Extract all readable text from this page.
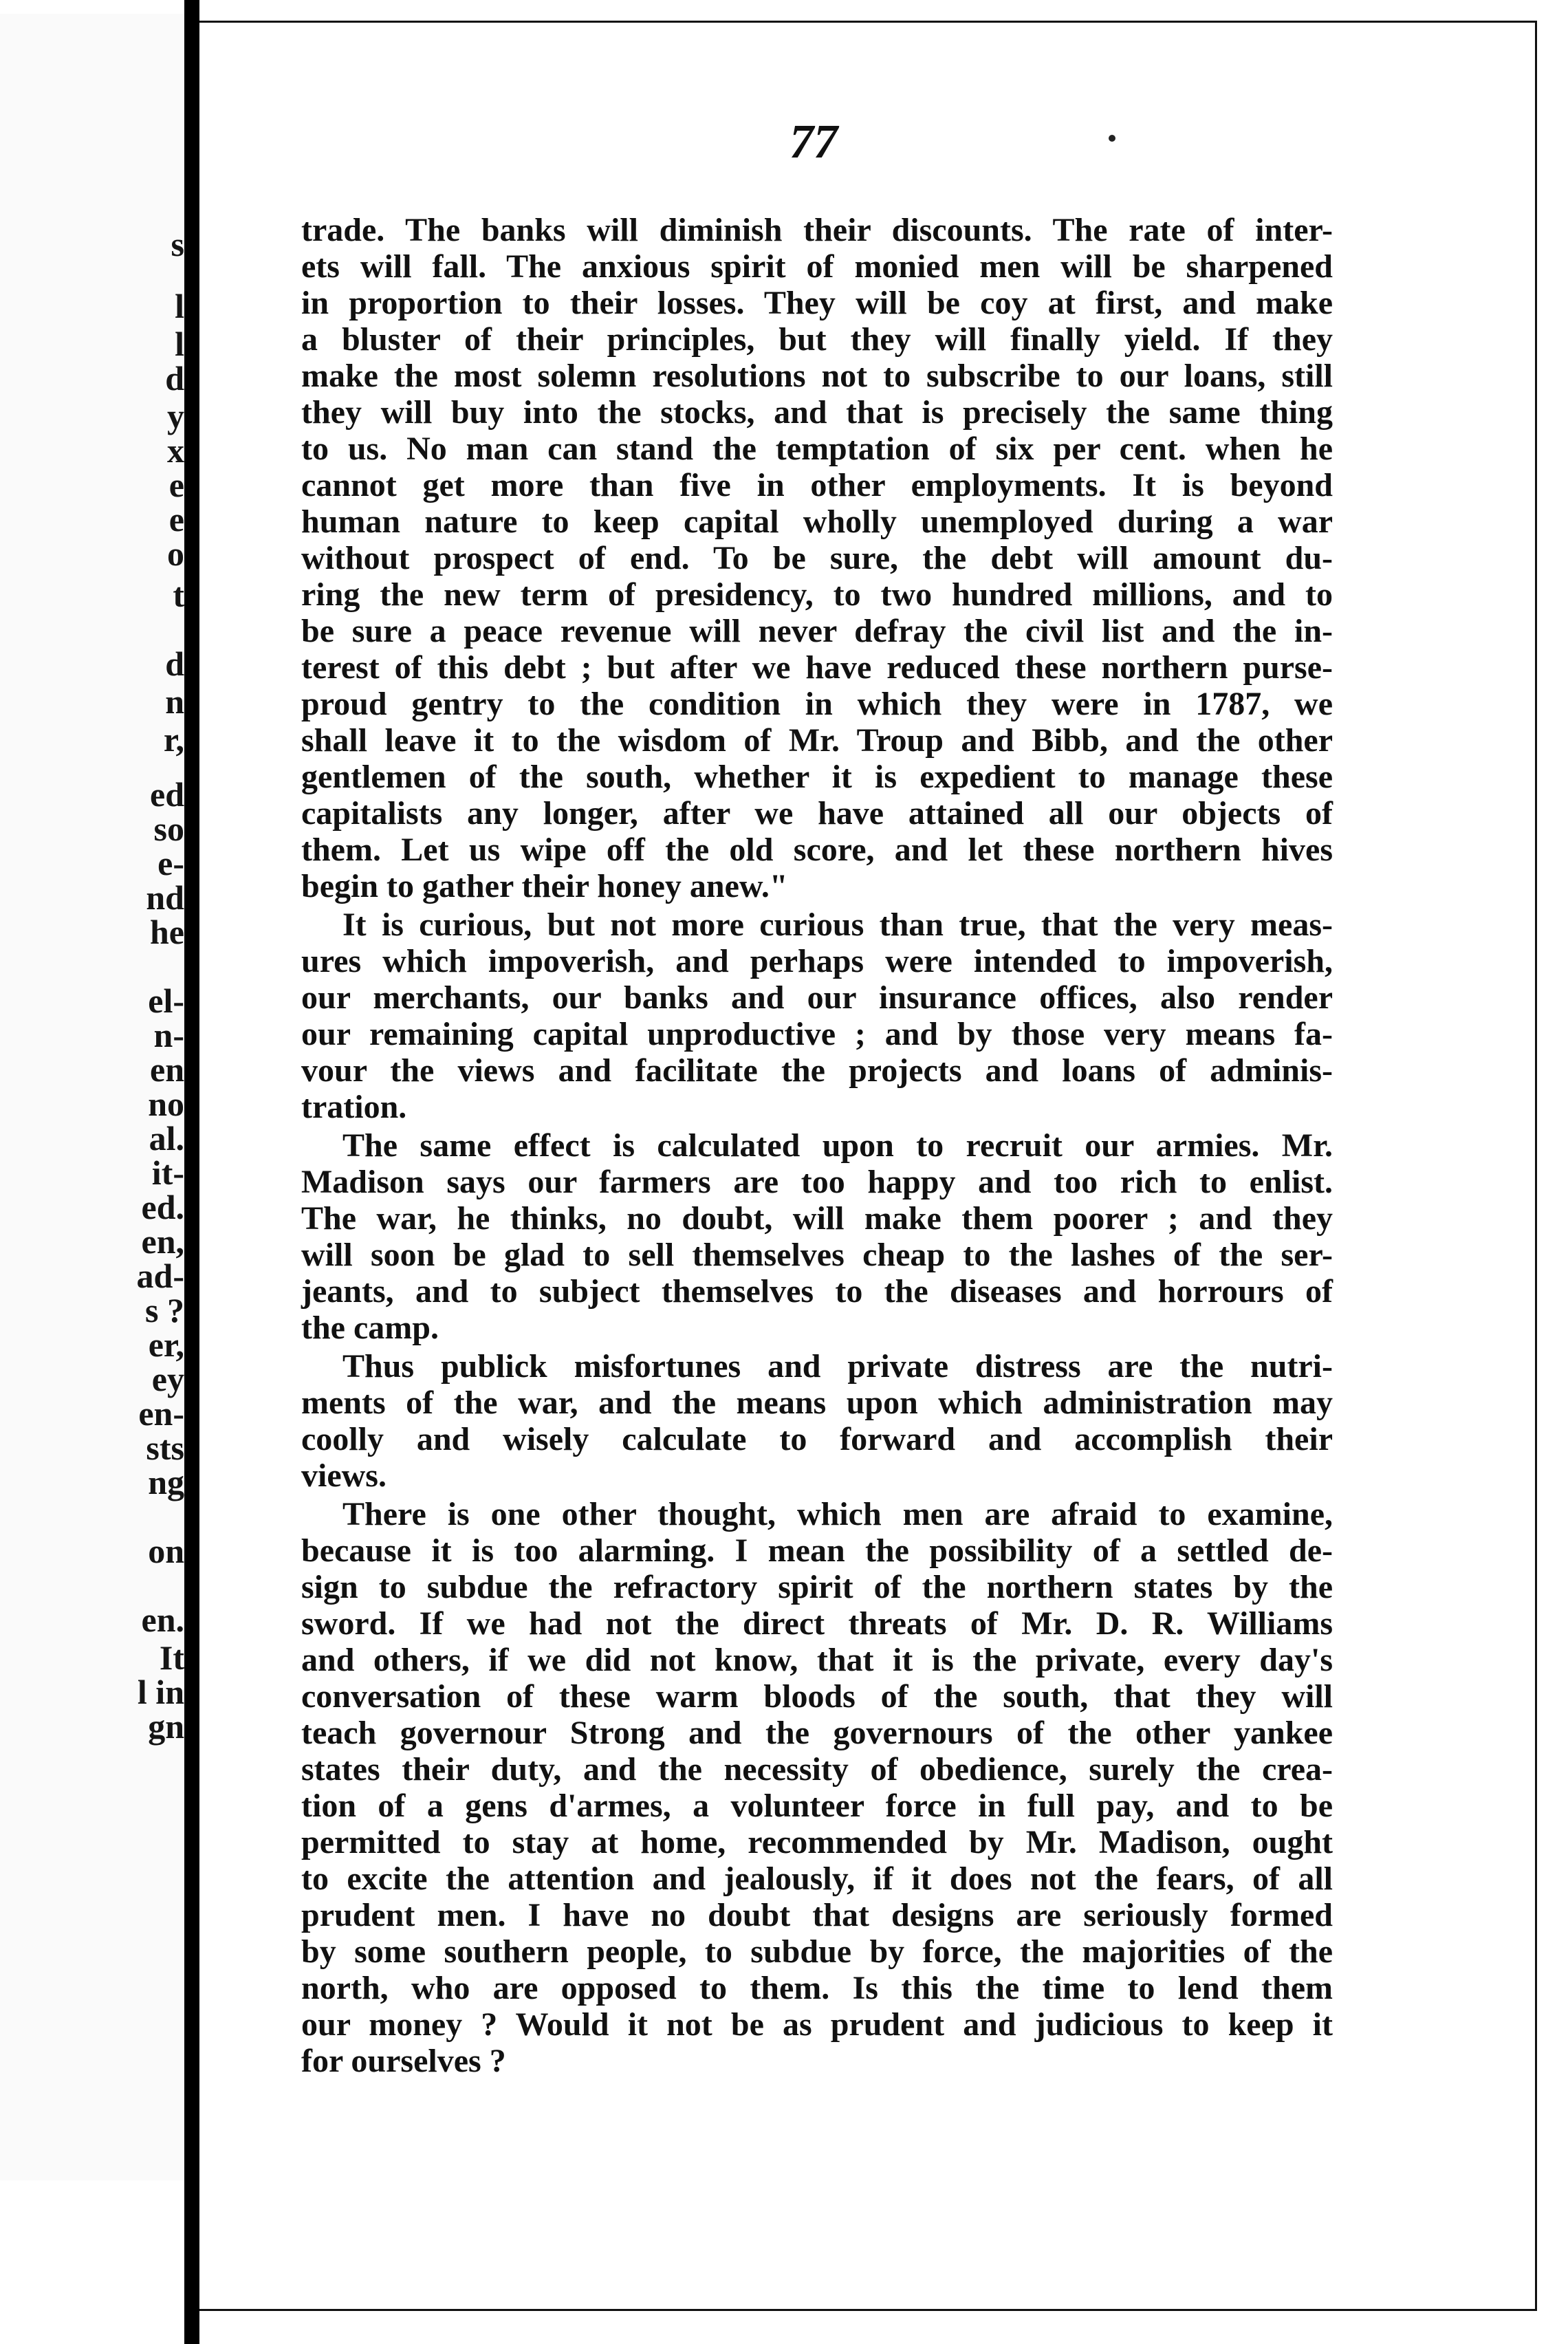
s
l
l
d
y
x
e
e
o
t
d
n
r,
ed
so
e-
nd
he
el-
n-
en
no
al.
it-
ed.
en,
ad-
s ?
er,
ey
en-
sts
ng
on
en.
It
l in
gn
77
trade. The banks will diminish their discounts. The rate of inter-
ets will fall. The anxious spirit of monied men will be sharpened
in proportion to their losses. They will be coy at first, and make
a bluster of their principles, but they will finally yield. If they
make the most solemn resolutions not to subscribe to our loans, still
they will buy into the stocks, and that is precisely the same thing
to us. No man can stand the temptation of six per cent. when he
cannot get more than five in other employments. It is beyond
human nature to keep capital wholly unemployed during a war
without prospect of end. To be sure, the debt will amount du-
ring the new term of presidency, to two hundred millions, and to
be sure a peace revenue will never defray the civil list and the in-
terest of this debt ; but after we have reduced these northern purse-
proud gentry to the condition in which they were in 1787, we
shall leave it to the wisdom of Mr. Troup and Bibb, and the other
gentlemen of the south, whether it is expedient to manage these
capitalists any longer, after we have attained all our objects of
them. Let us wipe off the old score, and let these northern hives
begin to gather their honey anew."
It is curious, but not more curious than true, that the very meas-
ures which impoverish, and perhaps were intended to impoverish,
our merchants, our banks and our insurance offices, also render
our remaining capital unproductive ; and by those very means fa-
vour the views and facilitate the projects and loans of adminis-
tration.
The same effect is calculated upon to recruit our armies. Mr.
Madison says our farmers are too happy and too rich to enlist.
The war, he thinks, no doubt, will make them poorer ; and they
will soon be glad to sell themselves cheap to the lashes of the ser-
jeants, and to subject themselves to the diseases and horrours of
the camp.
Thus publick misfortunes and private distress are the nutri-
ments of the war, and the means upon which administration may
coolly and wisely calculate to forward and accomplish their
views.
There is one other thought, which men are afraid to examine,
because it is too alarming. I mean the possibility of a settled de-
sign to subdue the refractory spirit of the northern states by the
sword. If we had not the direct threats of Mr. D. R. Williams
and others, if we did not know, that it is the private, every day's
conversation of these warm bloods of the south, that they will
teach governour Strong and the governours of the other yankee
states their duty, and the necessity of obedience, surely the crea-
tion of a gens d'armes, a volunteer force in full pay, and to be
permitted to stay at home, recommended by Mr. Madison, ought
to excite the attention and jealously, if it does not the fears, of all
prudent men. I have no doubt that designs are seriously formed
by some southern people, to subdue by force, the majorities of the
north, who are opposed to them. Is this the time to lend them
our money ? Would it not be as prudent and judicious to keep it
for ourselves ?
